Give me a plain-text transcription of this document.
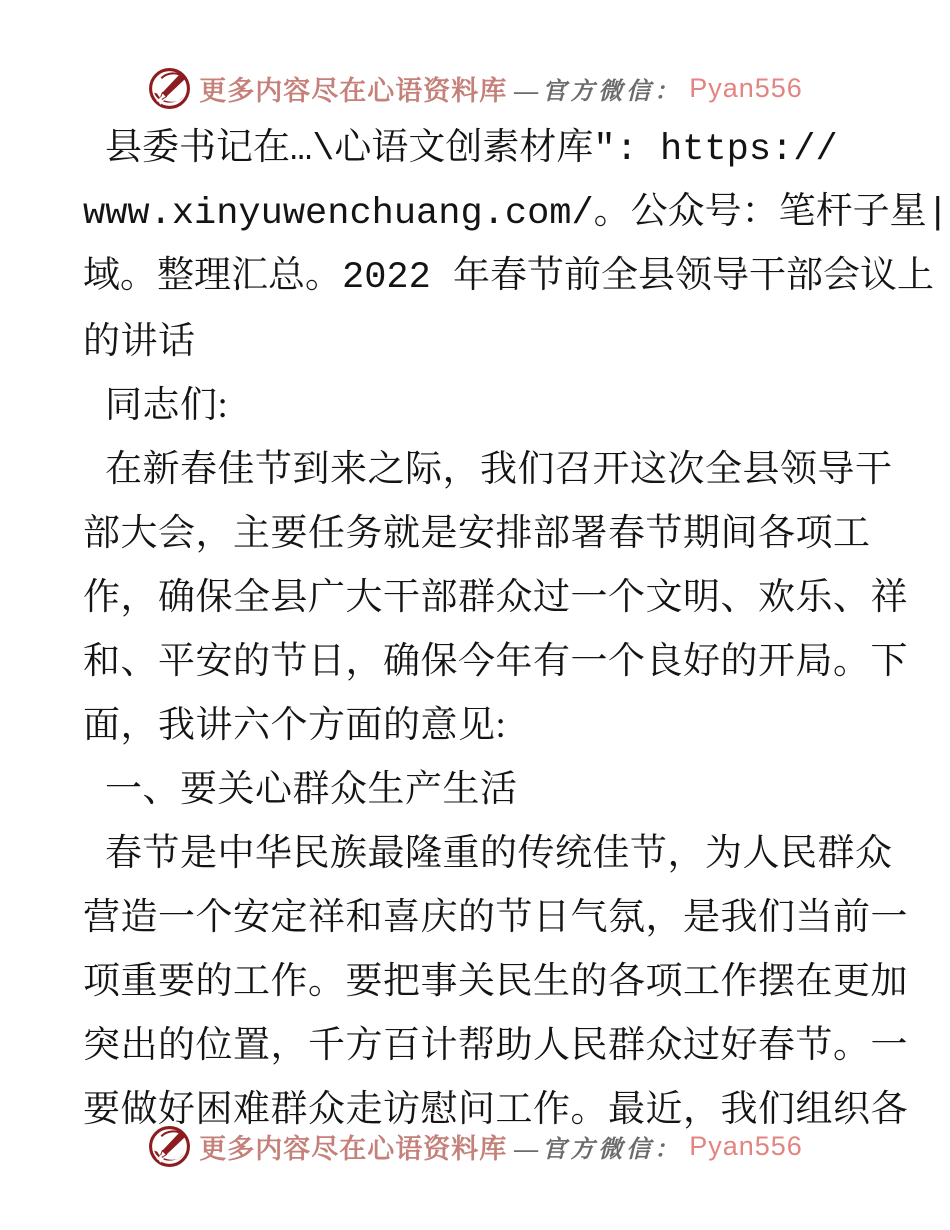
更多内容尽在心语资料库 —官方微信： Pyan556
县委书记在…\心语文创素材库": https://
www.xinyuwenchuang.com/。公众号：笔杆子星|
域。整理汇总。2022 年春节前全县领导干部会议上
的讲话
同志们:
在新春佳节到来之际，我们召开这次全县领导干
部大会，主要任务就是安排部署春节期间各项工
作，确保全县广大干部群众过一个文明、欢乐、祥
和、平安的节日，确保今年有一个良好的开局。下
面，我讲六个方面的意见:
一、要关心群众生产生活
春节是中华民族最隆重的传统佳节，为人民群众
营造一个安定祥和喜庆的节日气氛，是我们当前一
项重要的工作。要把事关民生的各项工作摆在更加
突出的位置，千方百计帮助人民群众过好春节。一
要做好困难群众走访慰问工作。最近，我们组织各
更多内容尽在心语资料库 —官方微信： Pyan556
